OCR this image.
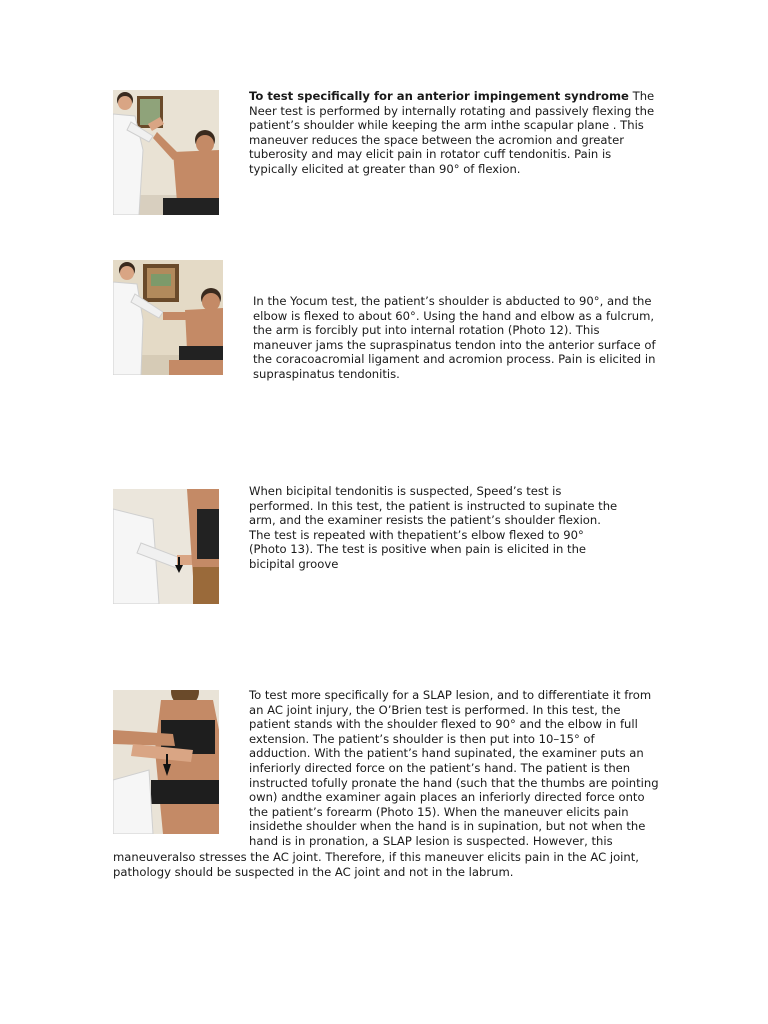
To test specifically for an anterior impingement syndrome The Neer test is performed by internally rotating and passively flexing the patient’s shoulder while keeping the arm inthe scapular plane . This maneuver reduces the space between the acromion and greater tuberosity and may elicit pain in rotator cuff tendonitis. Pain is typically elicited at greater than 90° of flexion.

In the Yocum test, the patient’s shoulder is abducted to 90°, and the elbow is flexed to about 60°. Using the hand and elbow as a fulcrum, the arm is forcibly put into internal rotation (Photo 12). This maneuver jams the supraspinatus tendon into the anterior surface of the coracoacromial ligament and acromion process. Pain is elicited in supraspinatus tendonitis.

When bicipital tendonitis is suspected, Speed’s test is performed. In this test, the patient is instructed to supinate the arm, and the examiner resists the patient’s shoulder flexion. The test is repeated with thepatient’s elbow flexed to 90° (Photo 13). The test is positive when pain is elicited in the bicipital groove

To test more specifically for a SLAP lesion, and to differentiate it from an AC joint injury, the O’Brien test is performed. In this test, the patient stands with the shoulder flexed to 90° and the elbow in full extension. The patient’s shoulder is then put into 10–15° of adduction. With the patient’s hand supinated, the examiner puts an inferiorly directed force on the patient’s hand. The patient is then instructed tofully pronate the hand (such that the thumbs are pointing own) andthe examiner again places an inferiorly directed force onto the patient’s forearm (Photo 15). When the maneuver elicits pain insidethe shoulder when the hand is in supination, but not when the hand is in pronation, a SLAP lesion is suspected. However, this

maneuveralso stresses the AC joint. Therefore, if this maneuver elicits pain in the AC joint, pathology should be suspected in the AC joint and not in the labrum.
